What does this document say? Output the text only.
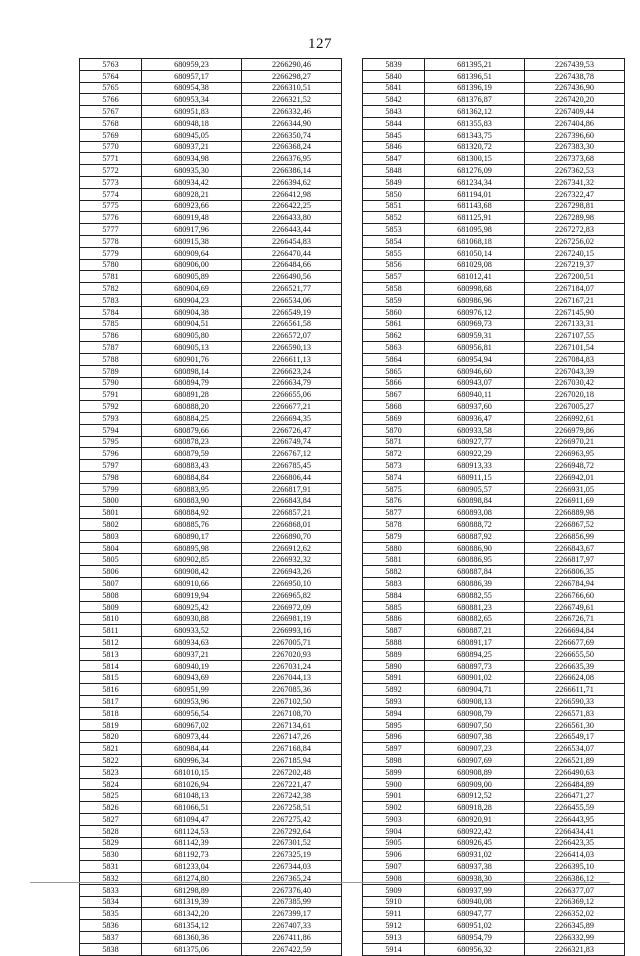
127
5763	680959,23	2266290,46
5764	680957,17	2266298,27
5765	680954,38	2266310,51
5766	680953,34	2266321,52
5767	680951,83	2266332,46
5768	680948,18	2266344,90
5769	680945,05	2266350,74
5770	680937,21	2266368,24
5771	680934,98	2266376,95
5772	680935,30	2266386,14
5773	680934,42	2266394,62
5774	680928,21	2266412,98
5775	680923,66	2266422,25
5776	680919,48	2266433,80
5777	680917,96	2266443,44
5778	680915,38	2266454,83
5779	680909,64	2266470,44
5780	680906,00	2266484,66
5781	680905,89	2266490,56
5782	680904,69	2266521,77
5783	680904,23	2266534,06
5784	680904,38	2266549,19
5785	680904,51	2266561,58
5786	680905,80	2266572,07
5787	680905,13	2266590,13
5788	680901,76	2266611,13
5789	680898,14	2266623,24
5790	680894,79	2266634,79
5791	680891,28	2266655,06
5792	680888,20	2266677,21
5793	680884,25	2266694,35
5794	680879,66	2266726,47
5795	680878,23	2266749,74
5796	680879,59	2266767,12
5797	680883,43	2266785,45
5798	680884,84	2266806,44
5799	680883,95	2266817,91
5800	680883,90	2266843,84
5801	680884,92	2266857,21
5802	680885,76	2266868,01
5803	680890,17	2266890,70
5804	680895,98	2266912,62
5805	680902,85	2266932,32
5806	680908,42	2266943,26
5807	680910,66	2266950,10
5808	680919,94	2266965,82
5809	680925,42	2266972,09
5810	680930,88	2266981,19
5811	680933,52	2266993,16
5812	680934,63	2267005,71
5813	680937,21	2267020,93
5814	680940,19	2267031,24
5815	680943,69	2267044,13
5816	680951,99	2267085,36
5817	680953,96	2267102,50
5818	680956,54	2267108,70
5819	680967,02	2267134,61
5820	680973,44	2267147,26
5821	680984,44	2267168,84
5822	680996,34	2267185,94
5823	681010,15	2267202,48
5824	681026,94	2267221,47
5825	681048,13	2267242,38
5826	681066,51	2267258,51
5827	681094,47	2267275,42
5828	681124,53	2267292,64
5829	681142,39	2267301,52
5830	681192,73	2267325,19
5831	681233,04	2267344,03
5832	681274,80	2267365,24
5833	681298,89	2267376,40
5834	681319,39	2267385,99
5835	681342,20	2267399,17
5836	681354,12	2267407,33
5837	681360,36	2267411,86
5838	681375,06	2267422,59
5839	681395,21	2267439,53
5840	681396,51	2267438,78
5841	681396,19	2267436,90
5842	681376,87	2267420,20
5843	681362,12	2267409,44
5844	681355,83	2267404,86
5845	681343,75	2267396,60
5846	681320,72	2267383,30
5847	681300,15	2267373,68
5848	681276,09	2267362,53
5849	681234,34	2267341,32
5850	681194,01	2267322,47
5851	681143,68	2267298,81
5852	681125,91	2267289,98
5853	681095,98	2267272,83
5854	681068,18	2267256,02
5855	681050,14	2267240,15
5856	681029,08	2267219,37
5857	681012,41	2267200,51
5858	680998,68	2267184,07
5859	680986,96	2267167,21
5860	680976,12	2267145,90
5861	680969,73	2267133,31
5862	680959,31	2267107,55
5863	680956,81	2267101,54
5864	680954,94	2267084,83
5865	680946,60	2267043,39
5866	680943,07	2267030,42
5867	680940,11	2267020,18
5868	680937,60	2267005,27
5869	680936,47	2266992,61
5870	680933,58	2266979,86
5871	680927,77	2266970,21
5872	680922,29	2266963,95
5873	680913,33	2266948,72
5874	680911,15	2266942,01
5875	680905,57	2266931,05
5876	680898,84	2266911,69
5877	680893,08	2266889,98
5878	680888,72	2266867,52
5879	680887,92	2266856,99
5880	680886,90	2266843,67
5881	680886,95	2266817,97
5882	680887,84	2266806,35
5883	680886,39	2266784,94
5884	680882,55	2266766,60
5885	680881,23	2266749,61
5886	680882,65	2266726,71
5887	680887,21	2266694,84
5888	680891,17	2266677,69
5889	680894,25	2266655,50
5890	680897,73	2266635,39
5891	680901,02	2266624,08
5892	680904,71	2266611,71
5893	680908,13	2266590,33
5894	680908,79	2266571,83
5895	680907,50	2266561,30
5896	680907,38	2266549,17
5897	680907,23	2266534,07
5898	680907,69	2266521,89
5899	680908,89	2266490,63
5900	680909,00	2266484,89
5901	680912,52	2266471,27
5902	680918,28	2266455,59
5903	680920,91	2266443,95
5904	680922,42	2266434,41
5905	680926,45	2266423,35
5906	680931,02	2266414,03
5907	680937,38	2266395,10
5908	680938,30	2266386,12
5909	680937,99	2266377,07
5910	680940,08	2266369,12
5911	680947,77	2266352,02
5912	680951,02	2266345,89
5913	680954,79	2266332,99
5914	680956,32	2266321,83
